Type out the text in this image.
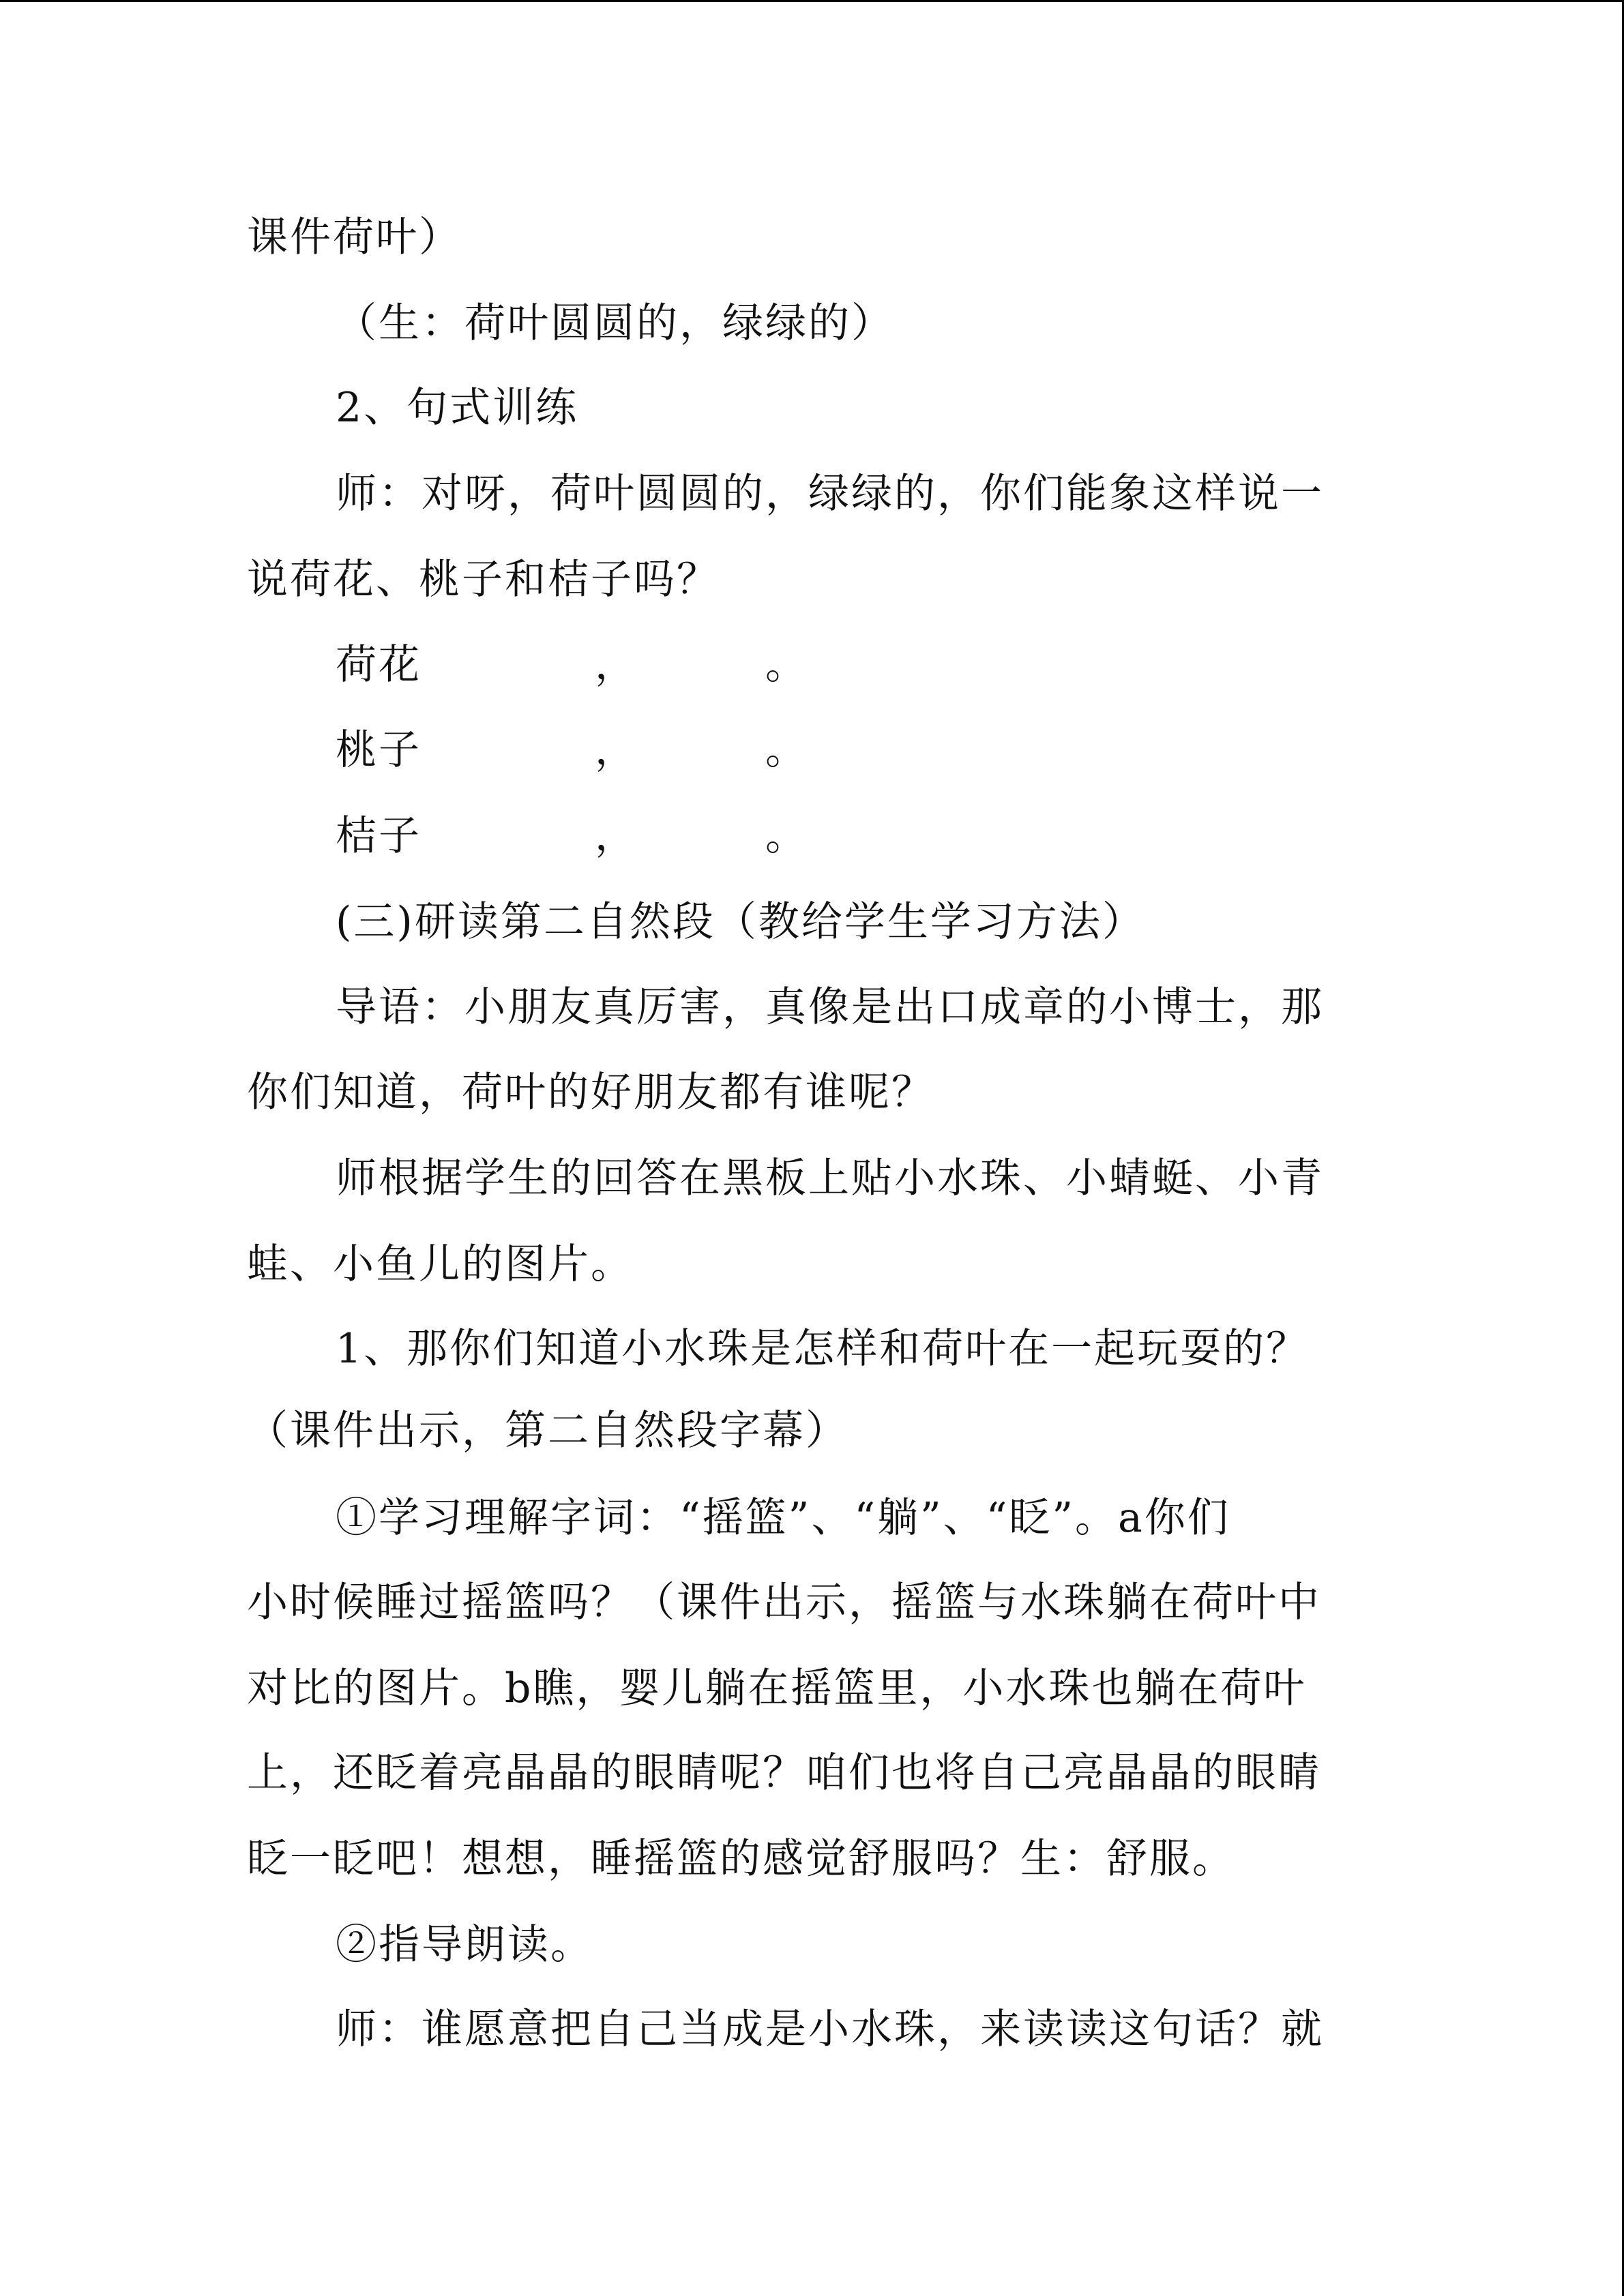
课件荷叶）
（生：荷叶圆圆的，绿绿的）
2、句式训练
师：对呀，荷叶圆圆的，绿绿的，你们能象这样说一
说荷花、桃子和桔子吗？
荷花	，	。
桃子	，	。
桔子	，	。
(三)研读第二自然段（教给学生学习方法）
导语：小朋友真厉害，真像是出口成章的小博士，那
你们知道，荷叶的好朋友都有谁呢？
师根据学生的回答在黑板上贴小水珠、小蜻蜓、小青
蛙、小鱼儿的图片。
1、那你们知道小水珠是怎样和荷叶在一起玩耍的？
（课件出示，第二自然段字幕）
①学习理解字词：“摇篮”、“躺”、“眨”。a你们
小时候睡过摇篮吗？（课件出示，摇篮与水珠躺在荷叶中
对比的图片。b瞧，婴儿躺在摇篮里，小水珠也躺在荷叶
上，还眨着亮晶晶的眼睛呢？咱们也将自己亮晶晶的眼睛
眨一眨吧！想想，睡摇篮的感觉舒服吗？生：舒服。
②指导朗读。
师：谁愿意把自己当成是小水珠，来读读这句话？就
